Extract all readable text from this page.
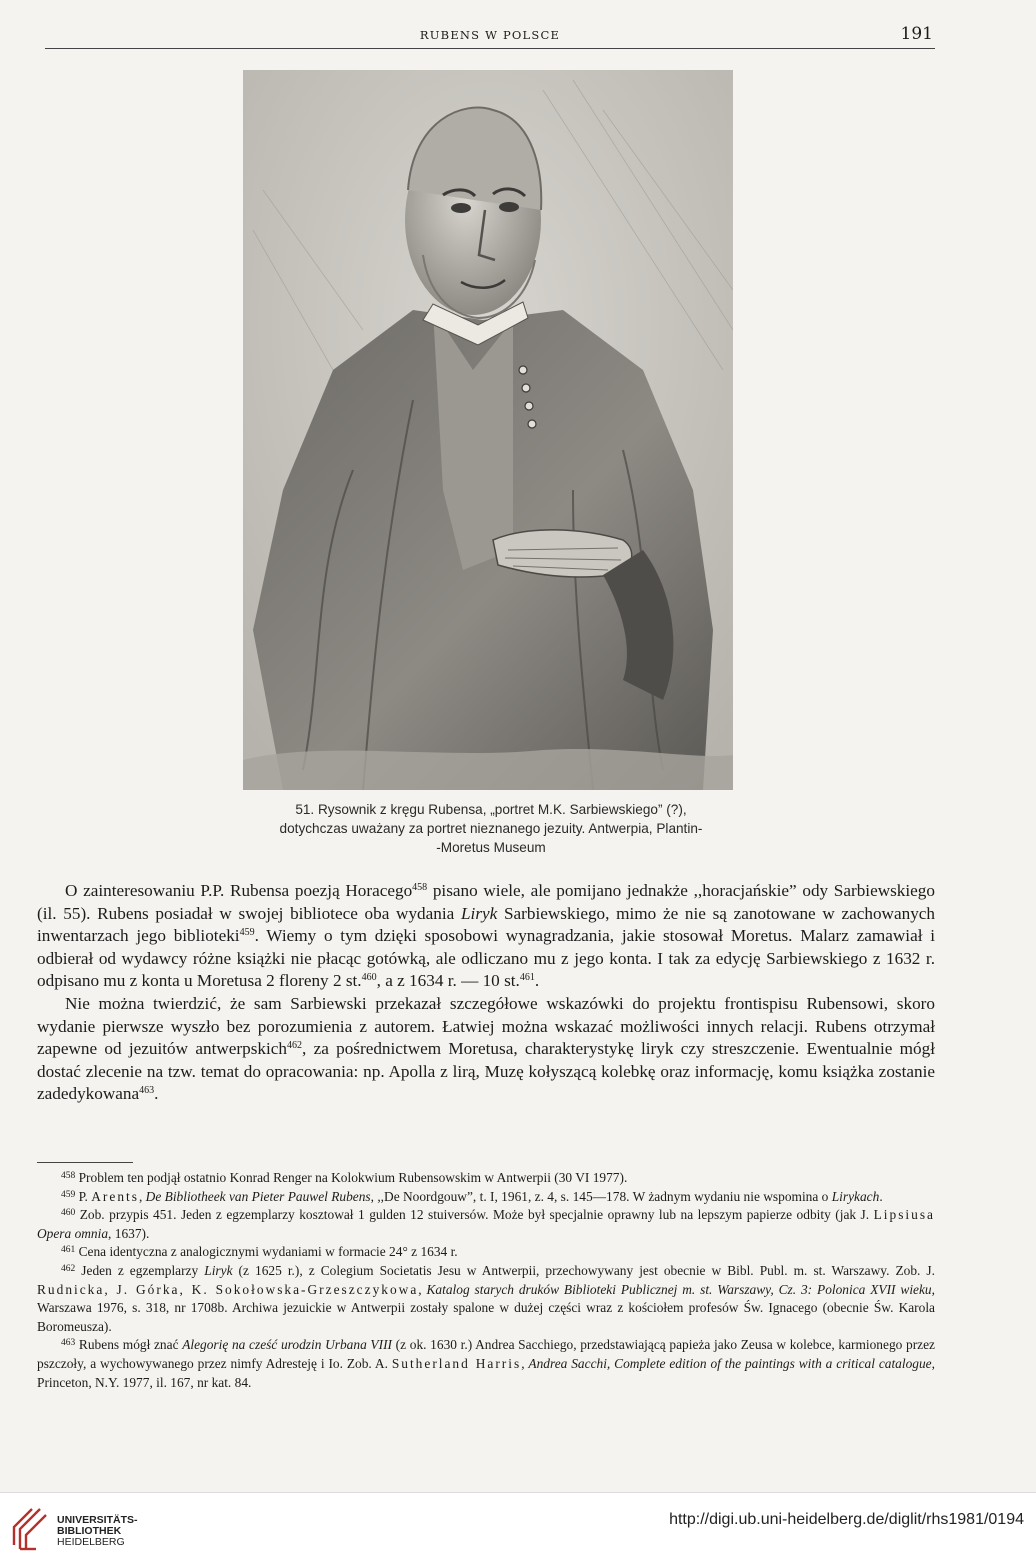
RUBENS W POLSCE	191
51. Rysownik z kręgu Rubensa, „portret M.K. Sarbiewskiego” (?),
dotychczas uważany za portret nieznanego jezuity. Antwerpia, Plantin-
-Moretus Museum

O zainteresowaniu P.P. Rubensa poezją Horacego$^{458}$ pisano wiele, ale pomijano jednakże ,,horacjańskie” ody Sarbiewskiego (il. 55). Rubens posiadał w swojej bibliotece oba wydania Liryk Sarbiewskiego, mimo że nie są zanotowane w zachowanych inwentarzach jego biblioteki$^{459}$. Wiemy o tym dzięki sposobowi wynagradzania, jakie stosował Moretus. Malarz zamawiał i odbierał od wydawcy różne książki nie płacąc gotówką, ale odliczano mu z jego konta. I tak za edycję Sarbiewskiego z 1632 r. odpisano mu z konta u Moretusa 2 floreny 2 st.$^{460}$, a z 1634 r. — 10 st.$^{461}$.

Nie można twierdzić, że sam Sarbiewski przekazał szczegółowe wskazówki do projektu frontispisu Rubensowi, skoro wydanie pierwsze wyszło bez porozumienia z autorem. Łatwiej można wskazać możliwości innych relacji. Rubens otrzymał zapewne od jezuitów antwerpskich$^{462}$, za pośrednictwem Moretusa, charakterystykę liryk czy streszczenie. Ewentualnie mógł dostać zlecenie na tzw. temat do opracowania: np. Apolla z lirą, Muzę kołyszącą kolebkę oraz informację, komu książka zostanie zadedykowana$^{463}$.

$^{458}$ Problem ten podjął ostatnio Konrad Renger na Kolokwium Rubensowskim w Antwerpii (30 VI 1977).

$^{459}$ P. Arents, De Bibliotheek van Pieter Pauwel Rubens, ,,De Noordgouw”, t. I, 1961, z. 4, s. 145—178. W żadnym wydaniu nie wspomina o Lirykach.

$^{460}$ Zob. przypis 451. Jeden z egzemplarzy kosztował 1 gulden 12 stuiversów. Może był specjalnie oprawny lub na lepszym papierze odbity (jak J. Lipsiusa Opera omnia, 1637).

$^{461}$ Cena identyczna z analogicznymi wydaniami w formacie 24° z 1634 r.

$^{462}$ Jeden z egzemplarzy Liryk (z 1625 r.), z Colegium Societatis Jesu w Antwerpii, przechowywany jest obecnie w Bibl. Publ. m. st. Warszawy. Zob. J. Rudnicka, J. Górka, K. Sokołowska-Grzeszczykowa, Katalog starych druków Biblioteki Publicznej m. st. Warszawy, Cz. 3: Polonica XVII wieku, Warszawa 1976, s. 318, nr 1708b. Archiwa jezuickie w Antwerpii zostały spalone w dużej części wraz z kościołem profesów Św. Ignacego (obecnie Św. Karola Boromeusza).

$^{463}$ Rubens mógł znać Alegorię na cześć urodzin Urbana VIII (z ok. 1630 r.) Andrea Sacchiego, przedstawiającą papieża jako Zeusa w kolebce, karmionego przez pszczoły, a wychowywanego przez nimfy Adresteję i Io. Zob. A. Sutherland Harris, Andrea Sacchi, Complete edition of the paintings with a critical catalogue, Princeton, N.Y. 1977, il. 167, nr kat. 84.

UNIVERSITÄTS-
BIBLIOTHEK
HEIDELBERG
http://digi.ub.uni-heidelberg.de/diglit/rhs1981/0194
